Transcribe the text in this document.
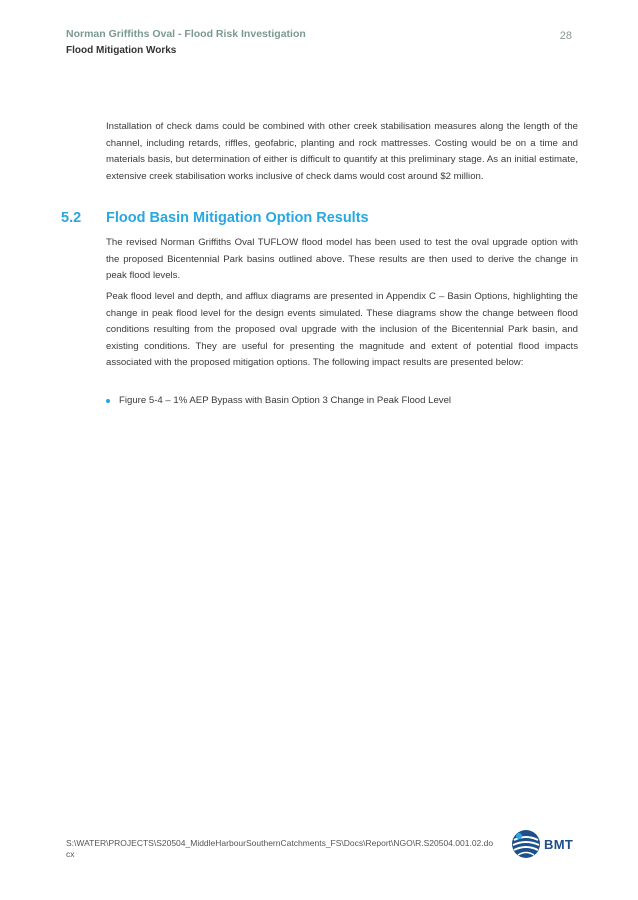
Norman Griffiths Oval - Flood Risk Investigation
Flood Mitigation Works
28
Installation of check dams could be combined with other creek stabilisation measures along the length of the channel, including retards, riffles, geofabric, planting and rock mattresses. Costing would be on a time and materials basis, but determination of either is difficult to quantify at this preliminary stage. As an initial estimate, extensive creek stabilisation works inclusive of check dams would cost around $2 million.
5.2 Flood Basin Mitigation Option Results
The revised Norman Griffiths Oval TUFLOW flood model has been used to test the oval upgrade option with the proposed Bicentennial Park basins outlined above. These results are then used to derive the change in peak flood levels.
Peak flood level and depth, and afflux diagrams are presented in Appendix C – Basin Options, highlighting the change in peak flood level for the design events simulated. These diagrams show the change between flood conditions resulting from the proposed oval upgrade with the inclusion of the Bicentennial Park basin, and existing conditions. They are useful for presenting the magnitude and extent of potential flood impacts associated with the proposed mitigation options. The following impact results are presented below:
Figure 5-4 – 1% AEP Bypass with Basin Option 3 Change in Peak Flood Level
S:\WATER\PROJECTS\S20504_MiddleHarbourSouthernCatchments_FS\Docs\Report\NGO\R.S20504.001.02.docx
BMT
